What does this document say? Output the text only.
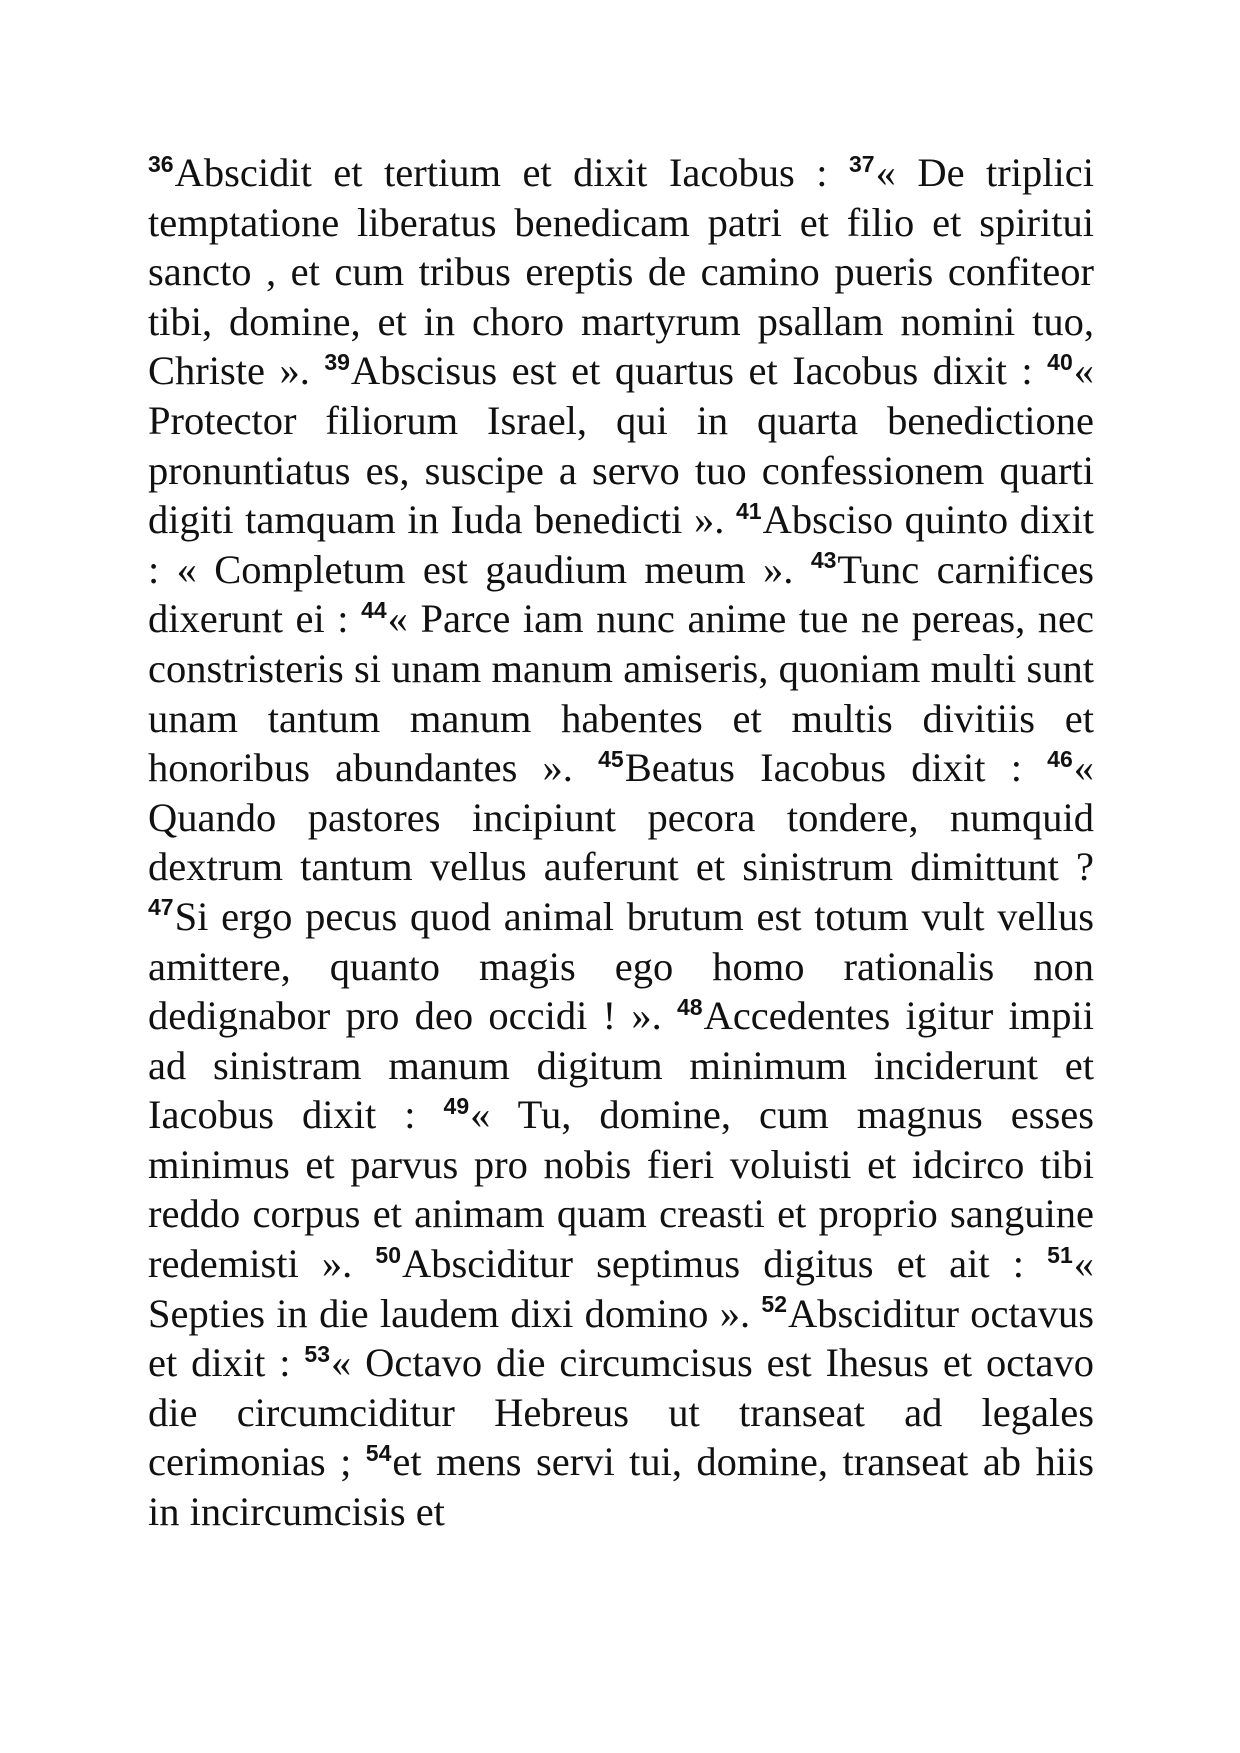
$^{36}$Abscidit et tertium et dixit Iacobus : $^{37}$« De triplici temptatione liberatus benedicam patri et filio et spiritui sancto , et cum tribus ereptis de camino pueris confiteor tibi, domine, et in choro martyrum psallam nomini tuo, Christe ». $^{39}$Abscisus est et quartus et Iacobus dixit : $^{40}$« Protector filiorum Israel, qui in quarta benedictione pronuntiatus es, suscipe a servo tuo confessionem quarti digiti tamquam in Iuda benedicti ». $^{41}$Absciso quinto dixit : « Completum est gaudium meum ». $^{43}$Tunc carnifices dixerunt ei : $^{44}$« Parce iam nunc anime tue ne pereas, nec constristeris si unam manum amiseris, quoniam multi sunt unam tantum manum habentes et multis divitiis et honoribus abundantes ». $^{45}$Beatus Iacobus dixit : $^{46}$« Quando pastores incipiunt pecora tondere, numquid dextrum tantum vellus auferunt et sinistrum dimittunt ? $^{47}$Si ergo pecus quod animal brutum est totum vult vellus amittere, quanto magis ego homo rationalis non dedignabor pro deo occidi ! ». $^{48}$Accedentes igitur impii ad sinistram manum digitum minimum inciderunt et Iacobus dixit : $^{49}$« Tu, domine, cum magnus esses minimus et parvus pro nobis fieri voluisti et idcirco tibi reddo corpus et animam quam creasti et proprio sanguine redemisti ». $^{50}$Absciditur septimus digitus et ait : $^{51}$« Septies in die laudem dixi domino ». $^{52}$Absciditur octavus et dixit : $^{53}$« Octavo die circumcisus est Ihesus et octavo die circumciditur Hebreus ut transeat ad legales cerimonias ; $^{54}$et mens servi tui, domine, transeat ab hiis in incircumcisis et
